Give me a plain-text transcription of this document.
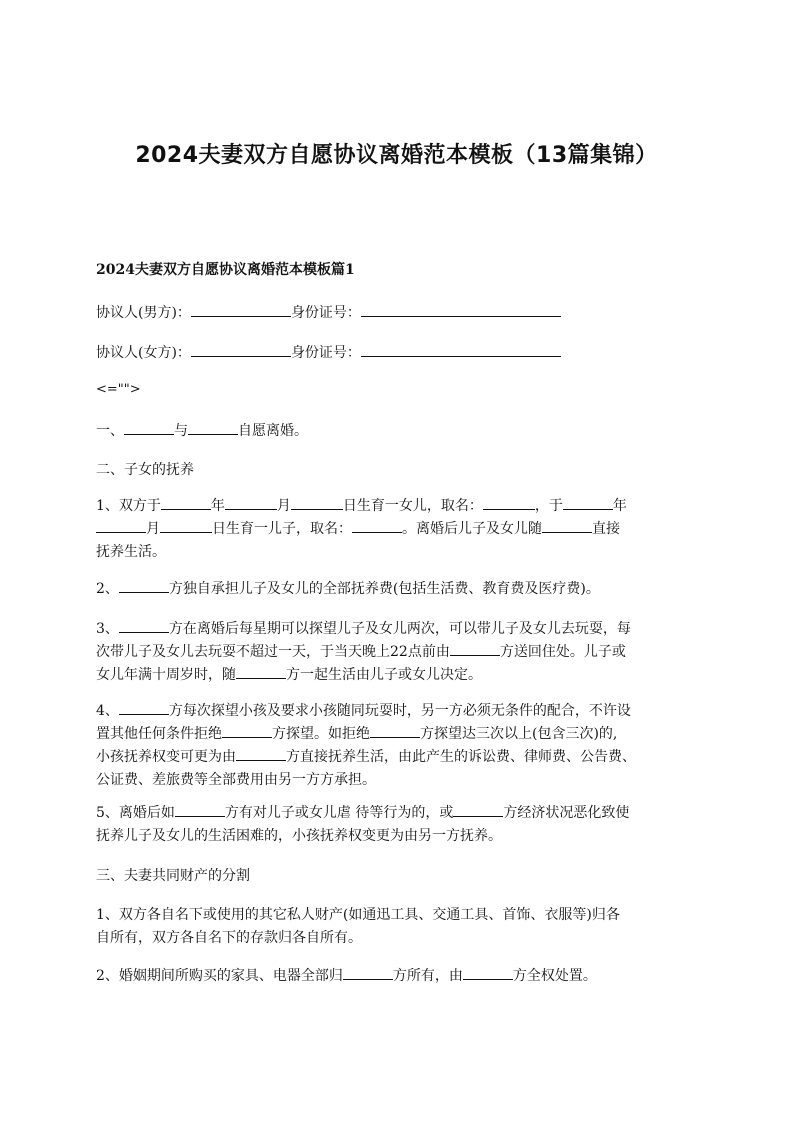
2024夫妻双方自愿协议离婚范本模板（13篇集锦）
2024夫妻双方自愿协议离婚范本模板篇1
协议人(男方)：	身份证号：
协议人(女方)：	身份证号：
<="">
一、	与	自愿离婚。
二、子女的抚养
1、双方于	年	月	日生育一女儿，取名：	，于	年
月	日生育一儿子，取名：	。离婚后儿子及女儿随	直接
抚养生活。
2、	方独自承担儿子及女儿的全部抚养费(包括生活费、教育费及医疗费)。
3、	方在离婚后每星期可以探望儿子及女儿两次，可以带儿子及女儿去玩耍，每
次带儿子及女儿去玩耍不超过一天，于当天晚上22点前由	方送回住处。儿子或
女儿年满十周岁时，随	方一起生活由儿子或女儿决定。
4、	方每次探望小孩及要求小孩随同玩耍时，另一方必须无条件的配合，不许设
置其他任何条件拒绝	方探望。如拒绝	方探望达三次以上(包含三次)的,
小孩抚养权变可更为由	方直接抚养生活，由此产生的诉讼费、律师费、公告费、
公证费、差旅费等全部费用由另一方方承担。
5、离婚后如	方有对儿子或女儿虐 待等行为的，或	方经济状况恶化致使
抚养儿子及女儿的生活困难的，小孩抚养权变更为由另一方抚养。
三、夫妻共同财产的分割
1、双方各自名下或使用的其它私人财产(如通迅工具、交通工具、首饰、衣服等)归各
自所有，双方各自名下的存款归各自所有。
2、婚姻期间所购买的家具、电器全部归	方所有，由	方全权处置。
